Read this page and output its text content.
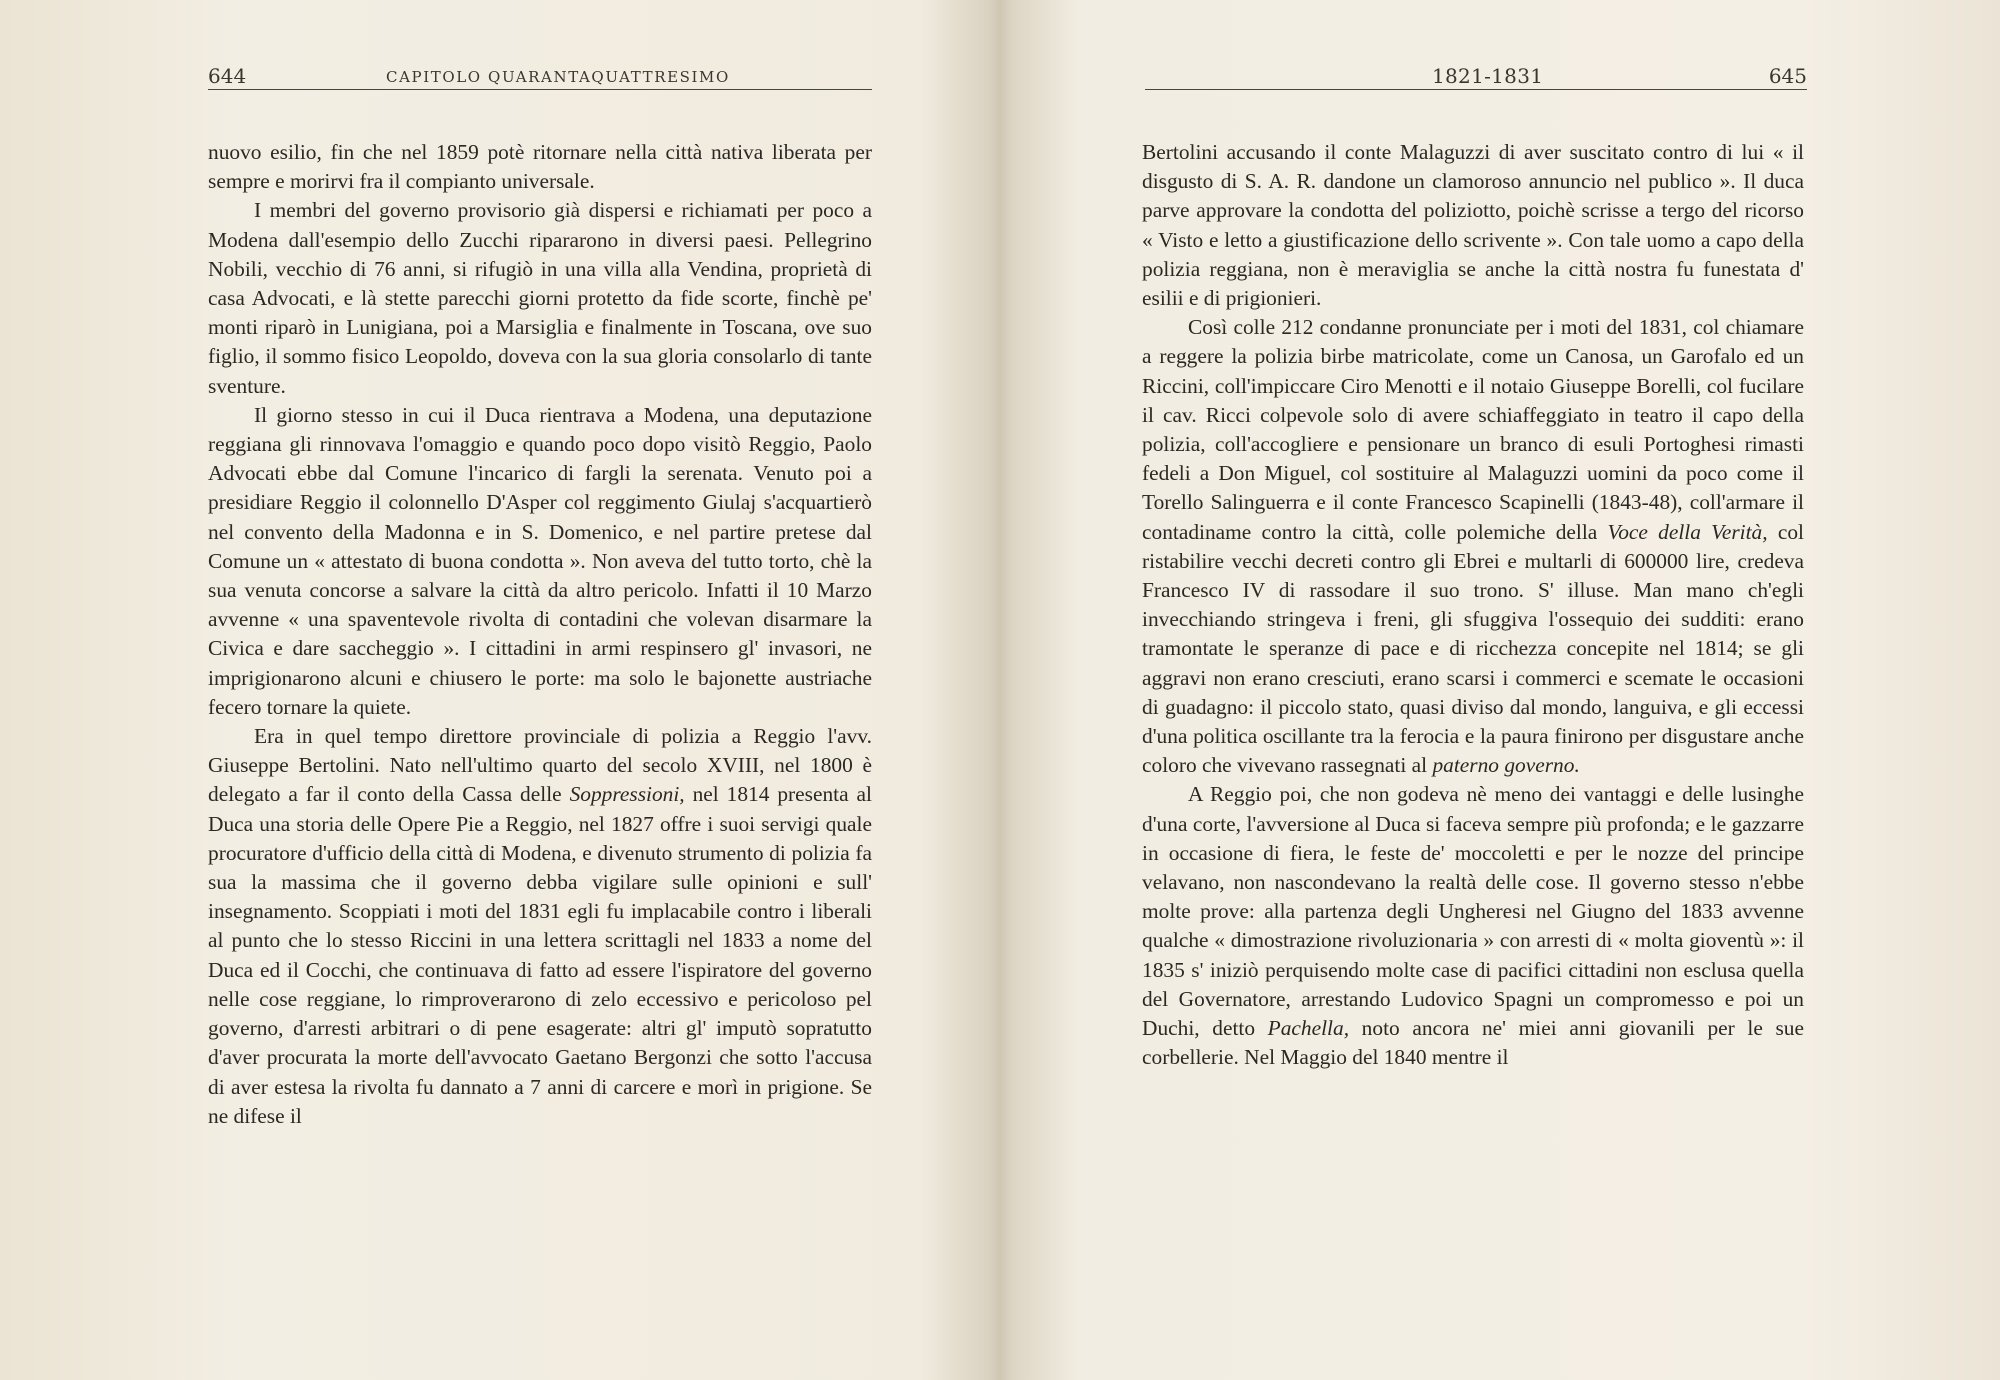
644	CAPITOLO QUARANTAQUATTRESIMO

nuovo esilio, fin che nel 1859 potè ritornare nella città nativa liberata per sempre e morirvi fra il compianto universale.

I membri del governo provisorio già dispersi e richiamati per poco a Modena dall'esempio dello Zucchi ripararono in diversi paesi. Pellegrino Nobili, vecchio di 76 anni, si rifugiò in una villa alla Vendina, proprietà di casa Advocati, e là stette parecchi giorni protetto da fide scorte, finchè pe' monti riparò in Lunigiana, poi a Marsiglia e finalmente in Toscana, ove suo figlio, il sommo fisico Leopoldo, doveva con la sua gloria consolarlo di tante sventure.

Il giorno stesso in cui il Duca rientrava a Modena, una deputazione reggiana gli rinnovava l'omaggio e quando poco dopo visitò Reggio, Paolo Advocati ebbe dal Comune l'incarico di fargli la serenata. Venuto poi a presidiare Reggio il colonnello D'Asper col reggimento Giulaj s'acquartierò nel convento della Madonna e in S. Domenico, e nel partire pretese dal Comune un « attestato di buona condotta ». Non aveva del tutto torto, chè la sua venuta concorse a salvare la città da altro pericolo. Infatti il 10 Marzo avvenne « una spaventevole rivolta di contadini che volevan disarmare la Civica e dare saccheggio ». I cittadini in armi respinsero gl' invasori, ne imprigionarono alcuni e chiusero le porte: ma solo le bajonette austriache fecero tornare la quiete.

Era in quel tempo direttore provinciale di polizia a Reggio l'avv. Giuseppe Bertolini. Nato nell'ultimo quarto del secolo XVIII, nel 1800 è delegato a far il conto della Cassa delle Soppressioni, nel 1814 presenta al Duca una storia delle Opere Pie a Reggio, nel 1827 offre i suoi servigi quale procuratore d'ufficio della città di Modena, e divenuto strumento di polizia fa sua la massima che il governo debba vigilare sulle opinioni e sull' insegnamento. Scoppiati i moti del 1831 egli fu implacabile contro i liberali al punto che lo stesso Riccini in una lettera scrittagli nel 1833 a nome del Duca ed il Cocchi, che continuava di fatto ad essere l'ispiratore del governo nelle cose reggiane, lo rimproverarono di zelo eccessivo e pericoloso pel governo, d'arresti arbitrari o di pene esagerate: altri gl' imputò sopratutto d'aver procurata la morte dell'avvocato Gaetano Bergonzi che sotto l'accusa di aver estesa la rivolta fu dannato a 7 anni di carcere e morì in prigione. Se ne difese il

1821-1831	645

Bertolini accusando il conte Malaguzzi di aver suscitato contro di lui « il disgusto di S. A. R. dandone un clamoroso annuncio nel publico ». Il duca parve approvare la condotta del poliziotto, poichè scrisse a tergo del ricorso « Visto e letto a giustificazione dello scrivente ». Con tale uomo a capo della polizia reggiana, non è meraviglia se anche la città nostra fu funestata d' esilii e di prigionieri.

Così colle 212 condanne pronunciate per i moti del 1831, col chiamare a reggere la polizia birbe matricolate, come un Canosa, un Garofalo ed un Riccini, coll'impiccare Ciro Menotti e il notaio Giuseppe Borelli, col fucilare il cav. Ricci colpevole solo di avere schiaffeggiato in teatro il capo della polizia, coll'accogliere e pensionare un branco di esuli Portoghesi rimasti fedeli a Don Miguel, col sostituire al Malaguzzi uomini da poco come il Torello Salinguerra e il conte Francesco Scapinelli (1843-48), coll'armare il contadiname contro la città, colle polemiche della Voce della Verità, col ristabilire vecchi decreti contro gli Ebrei e multarli di 600000 lire, credeva Francesco IV di rassodare il suo trono. S' illuse. Man mano ch'egli invecchiando stringeva i freni, gli sfuggiva l'ossequio dei sudditi: erano tramontate le speranze di pace e di ricchezza concepite nel 1814; se gli aggravi non erano cresciuti, erano scarsi i commerci e scemate le occasioni di guadagno: il piccolo stato, quasi diviso dal mondo, languiva, e gli eccessi d'una politica oscillante tra la ferocia e la paura finirono per disgustare anche coloro che vivevano rassegnati al paterno governo.

A Reggio poi, che non godeva nè meno dei vantaggi e delle lusinghe d'una corte, l'avversione al Duca si faceva sempre più profonda; e le gazzarre in occasione di fiera, le feste de' moccoletti e per le nozze del principe velavano, non nascondevano la realtà delle cose. Il governo stesso n'ebbe molte prove: alla partenza degli Ungheresi nel Giugno del 1833 avvenne qualche « dimostrazione rivoluzionaria » con arresti di « molta gioventù »: il 1835 s' iniziò perquisendo molte case di pacifici cittadini non esclusa quella del Governatore, arrestando Ludovico Spagni un compromesso e poi un Duchi, detto Pachella, noto ancora ne' miei anni giovanili per le sue corbellerie. Nel Maggio del 1840 mentre il
